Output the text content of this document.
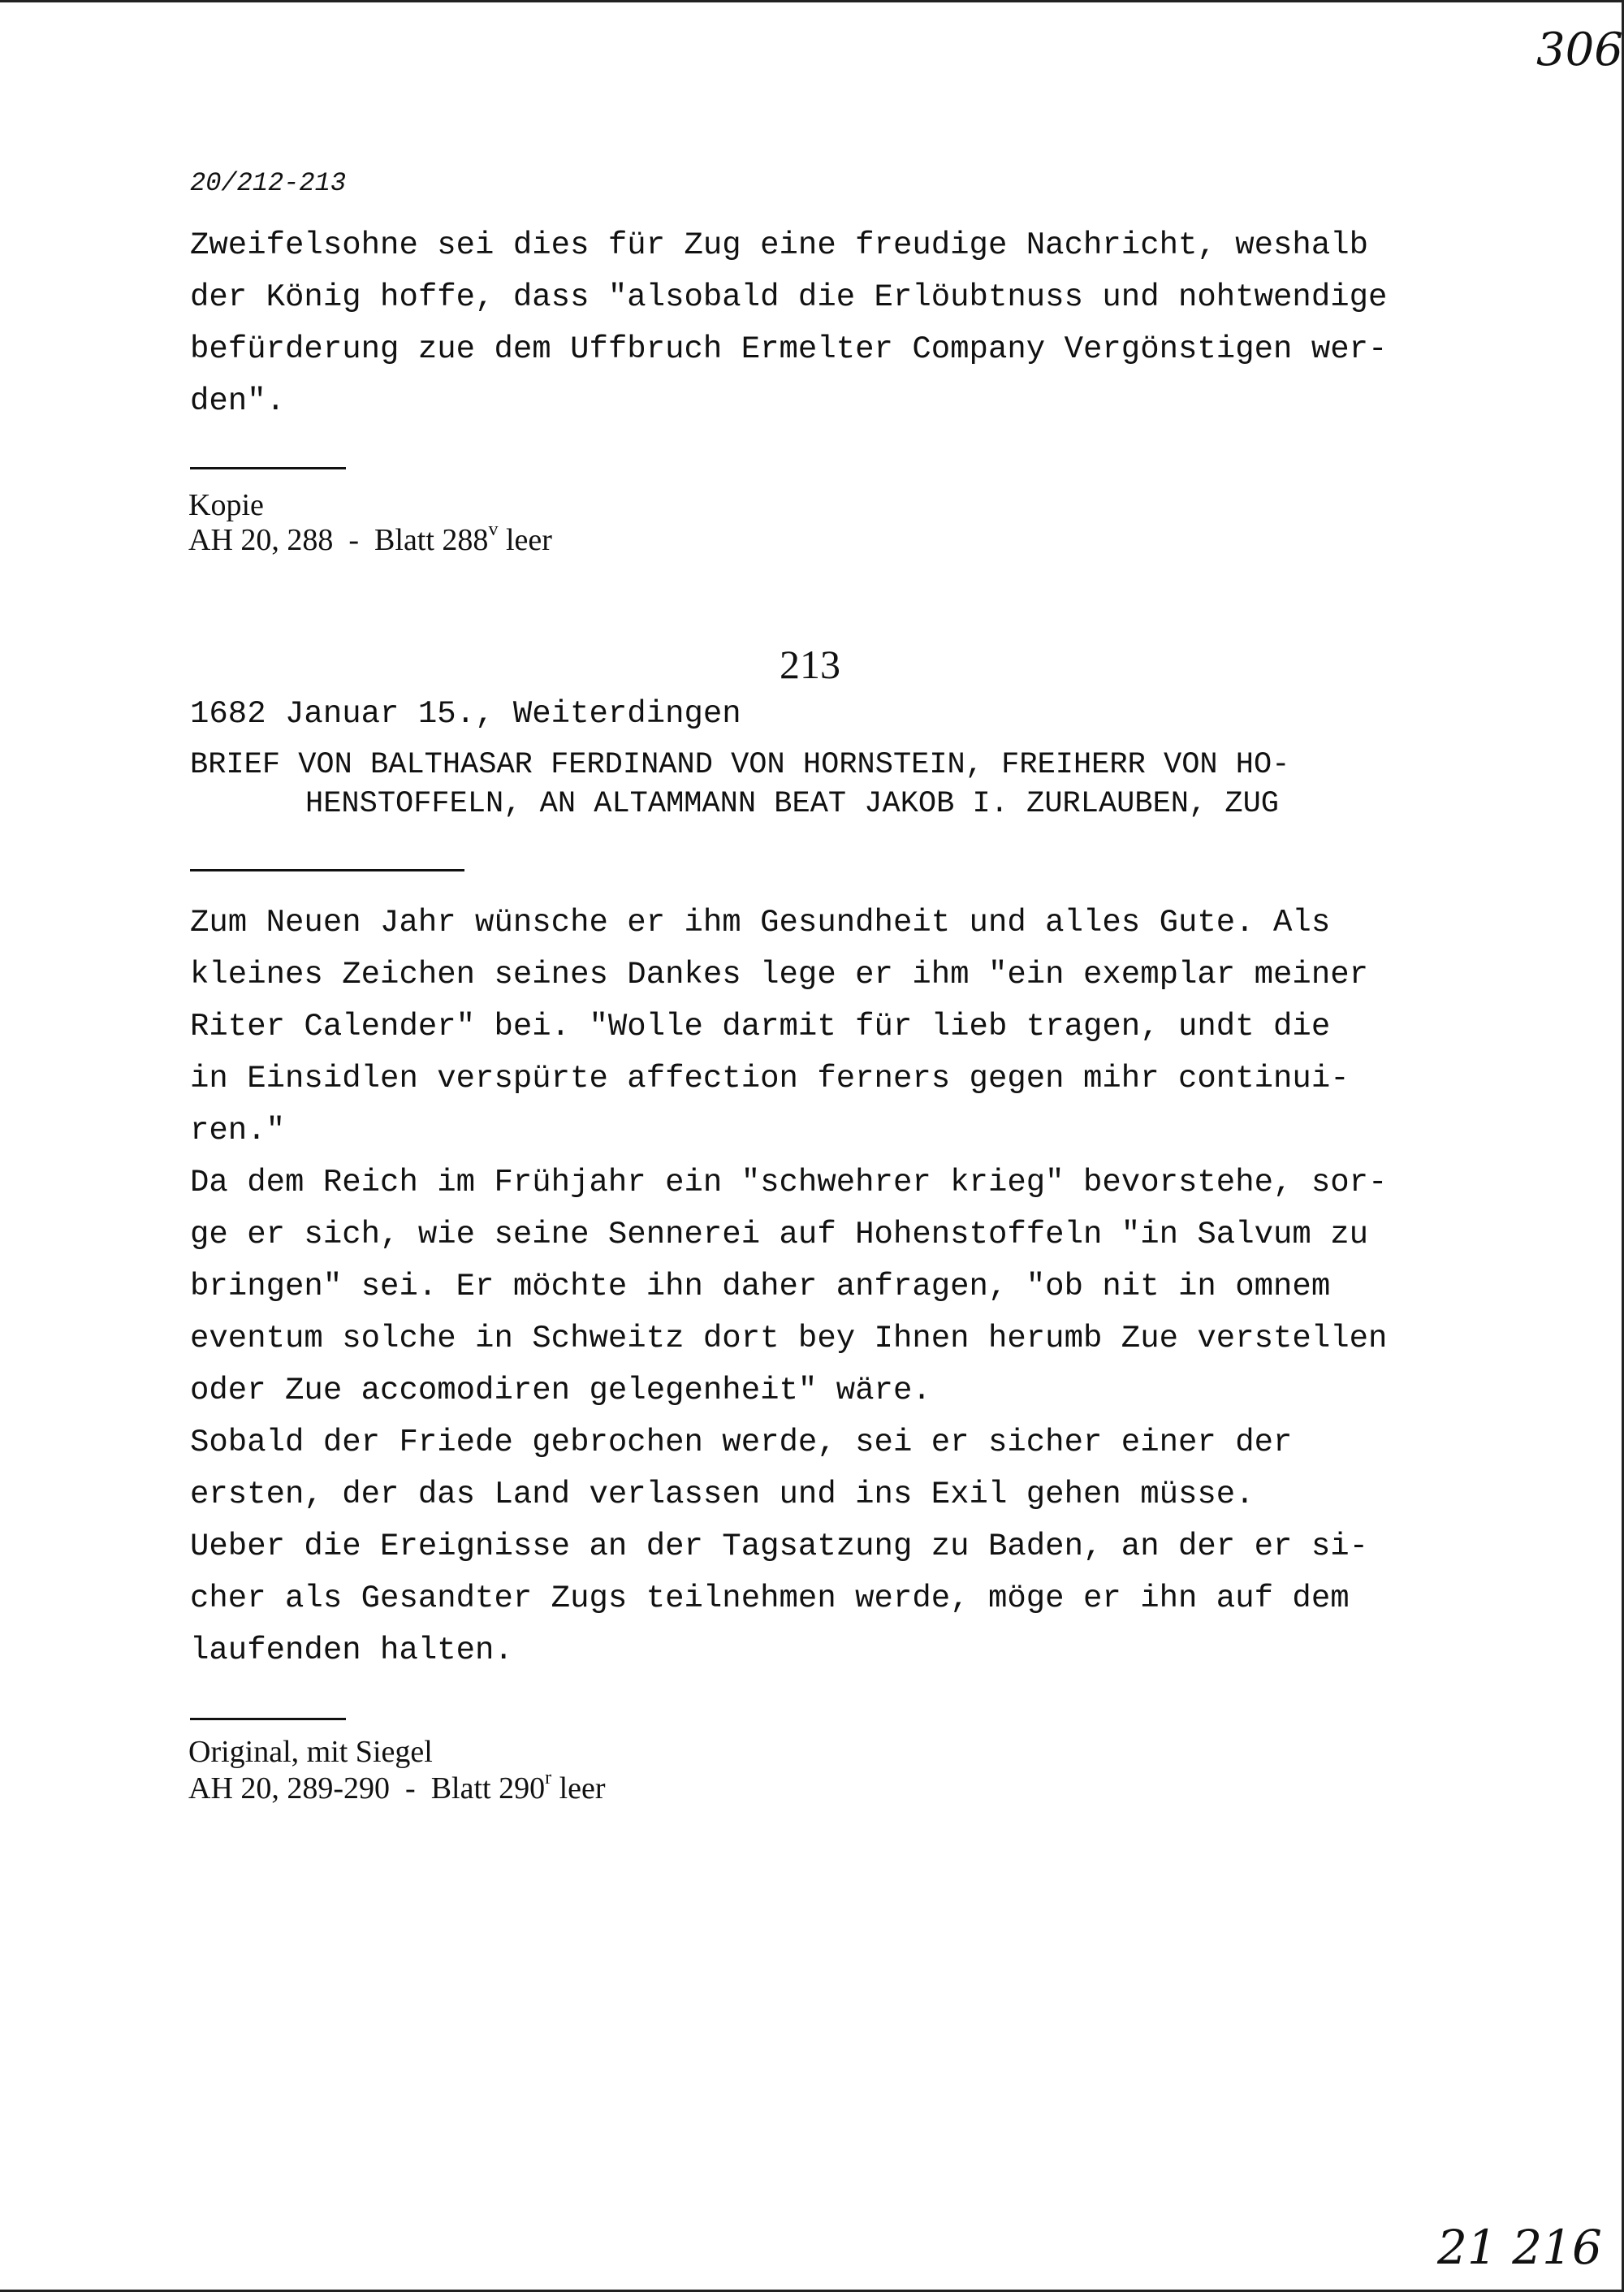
306
20/212-213
Zweifelsohne sei dies für Zug eine freudige Nachricht, weshalb
der König hoffe, dass "alsobald die Erlöubtnuss und nohtwendige
befürderung zue dem Uffbruch Ermelter Company Vergönstigen wer-
den".
Kopie
AH 20, 288  -  Blatt 288$^v$ leer
213
1682 Januar 15., Weiterdingen
BRIEF VON BALTHASAR FERDINAND VON HORNSTEIN, FREIHERR VON HO-
HENSTOFFELN, AN ALTAMMANN BEAT JAKOB I. ZURLAUBEN, ZUG
Zum Neuen Jahr wünsche er ihm Gesundheit und alles Gute. Als
kleines Zeichen seines Dankes lege er ihm "ein exemplar meiner
Riter Calender" bei. "Wolle darmit für lieb tragen, undt die
in Einsidlen verspürte affection ferners gegen mihr continui-
ren."
Da dem Reich im Frühjahr ein "schwehrer krieg" bevorstehe, sor-
ge er sich, wie seine Sennerei auf Hohenstoffeln "in Salvum zu
bringen" sei. Er möchte ihn daher anfragen, "ob nit in omnem
eventum solche in Schweitz dort bey Ihnen herumb Zue verstellen
oder Zue accomodiren gelegenheit" wäre.
Sobald der Friede gebrochen werde, sei er sicher einer der
ersten, der das Land verlassen und ins Exil gehen müsse.
Ueber die Ereignisse an der Tagsatzung zu Baden, an der er si-
cher als Gesandter Zugs teilnehmen werde, möge er ihn auf dem
laufenden halten.
Original, mit Siegel
AH 20, 289-290  -  Blatt 290$^r$ leer
21 216
